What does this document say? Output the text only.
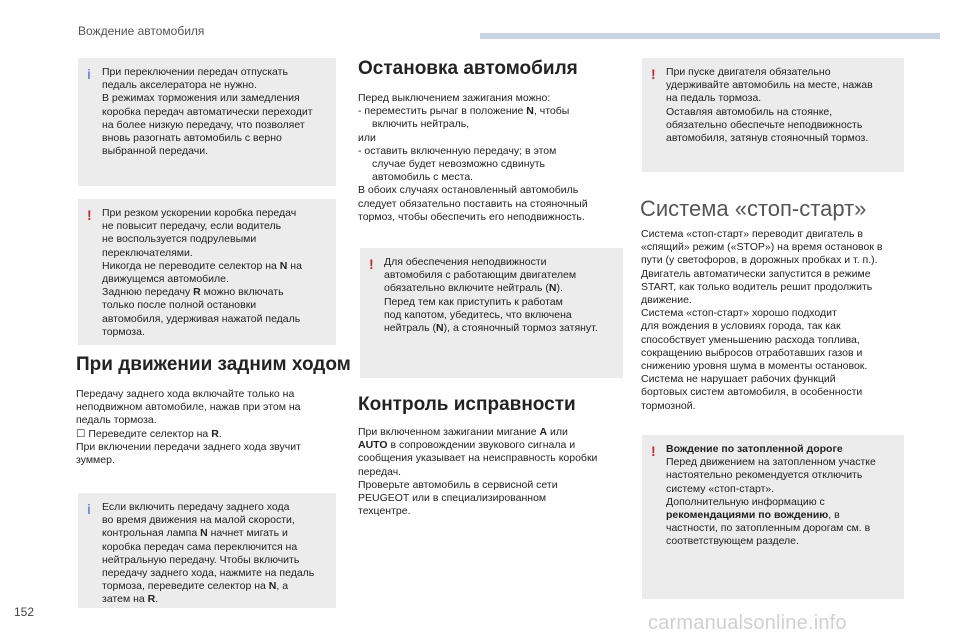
Вождение автомобиля
i При переключении передач отпускать
педаль акселератора не нужно.
В режимах торможения или замедления
коробка передач автоматически переходит
на более низкую передачу, что позволяет
вновь разогнать автомобиль с верно
выбранной передачи.
! При резком ускорении коробка передач
не повысит передачу, если водитель
не воспользуется подрулевыми
переключателями.
Никогда не переводите селектор на N на
движущемся автомобиле.
Заднюю передачу R можно включать
только после полной остановки
автомобиля, удерживая нажатой педаль
тормоза.
При движении задним ходом
Передачу заднего хода включайте только на
неподвижном автомобиле, нажав при этом на
педаль тормоза.
☐ Переведите селектор на R.
При включении передачи заднего хода звучит
зуммер.
i Если включить передачу заднего хода
во время движения на малой скорости,
контрольная лампа N начнет мигать и
коробка передач сама переключится на
нейтральную передачу. Чтобы включить
передачу заднего хода, нажмите на педаль
тормоза, переведите селектор на N, а
затем на R.
Остановка автомобиля
Перед выключением зажигания можно:
- переместить рычаг в положение N, чтобы
включить нейтраль,
или
- оставить включенную передачу; в этом
случае будет невозможно сдвинуть
автомобиль с места.
В обоих случаях остановленный автомобиль
следует обязательно поставить на стояночный
тормоз, чтобы обеспечить его неподвижность.
! Для обеспечения неподвижности
автомобиля с работающим двигателем
обязательно включите нейтраль (N).
Перед тем как приступить к работам
под капотом, убедитесь, что включена
нейтраль (N), а стояночный тормоз затянут.
Контроль исправности
При включенном зажигании мигание A или
AUTO в сопровождении звукового сигнала и
сообщения указывает на неисправность коробки
передач.
Проверьте автомобиль в сервисной сети
PEUGEOT или в специализированном
техцентре.
! При пуске двигателя обязательно
удерживайте автомобиль на месте, нажав
на педаль тормоза.
Оставляя автомобиль на стоянке,
обязательно обеспечьте неподвижность
автомобиля, затянув стояночный тормоз.
Система «стоп-старт»
Система «стоп-старт» переводит двигатель в
«спящий» режим («STOP») на время остановок в
пути (у светофоров, в дорожных пробках и т. п.).
Двигатель автоматически запустится в режиме
START, как только водитель решит продолжить
движение.
Система «стоп-старт» хорошо подходит
для вождения в условиях города, так как
способствует уменьшению расхода топлива,
сокращению выбросов отработавших газов и
снижению уровня шума в моменты остановок.
Система не нарушает рабочих функций
бортовых систем автомобиля, в особенности
тормозной.
! Вождение по затопленной дороге
Перед движением на затопленном участке
настоятельно рекомендуется отключить
систему «стоп-старт».
Дополнительную информацию с
рекомендациями по вождению, в
частности, по затопленным дорогам см. в
соответствующем разделе.
152	carmanualsonline.info
